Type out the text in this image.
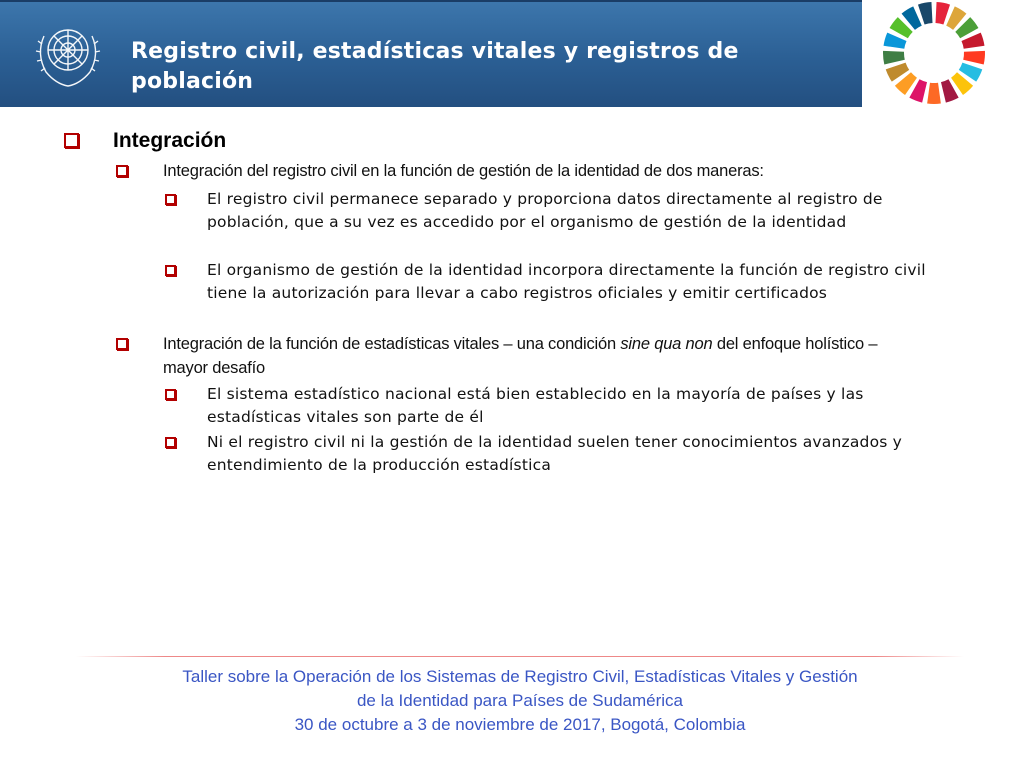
Registro civil, estadísticas vitales y registros de población
Integración
Integración del registro civil en la función de gestión de la identidad de dos maneras:
El registro civil permanece separado y proporciona datos directamente al registro de población, que a su vez es accedido por el organismo de gestión de la identidad
El organismo de gestión de la identidad incorpora directamente la función de registro civil tiene la autorización para llevar a cabo registros oficiales y emitir certificados
Integración de la función de estadísticas vitales – una condición sine qua non del enfoque holístico – mayor desafío
El sistema estadístico nacional está bien establecido en la mayoría de países y las estadísticas vitales son parte de él
Ni el registro civil ni la gestión de la identidad suelen tener conocimientos avanzados y entendimiento de la producción estadística
Taller sobre la Operación de los Sistemas de Registro Civil, Estadísticas Vitales y Gestión
de la Identidad para Países de Sudamérica
30 de octubre a 3 de noviembre de 2017, Bogotá, Colombia
